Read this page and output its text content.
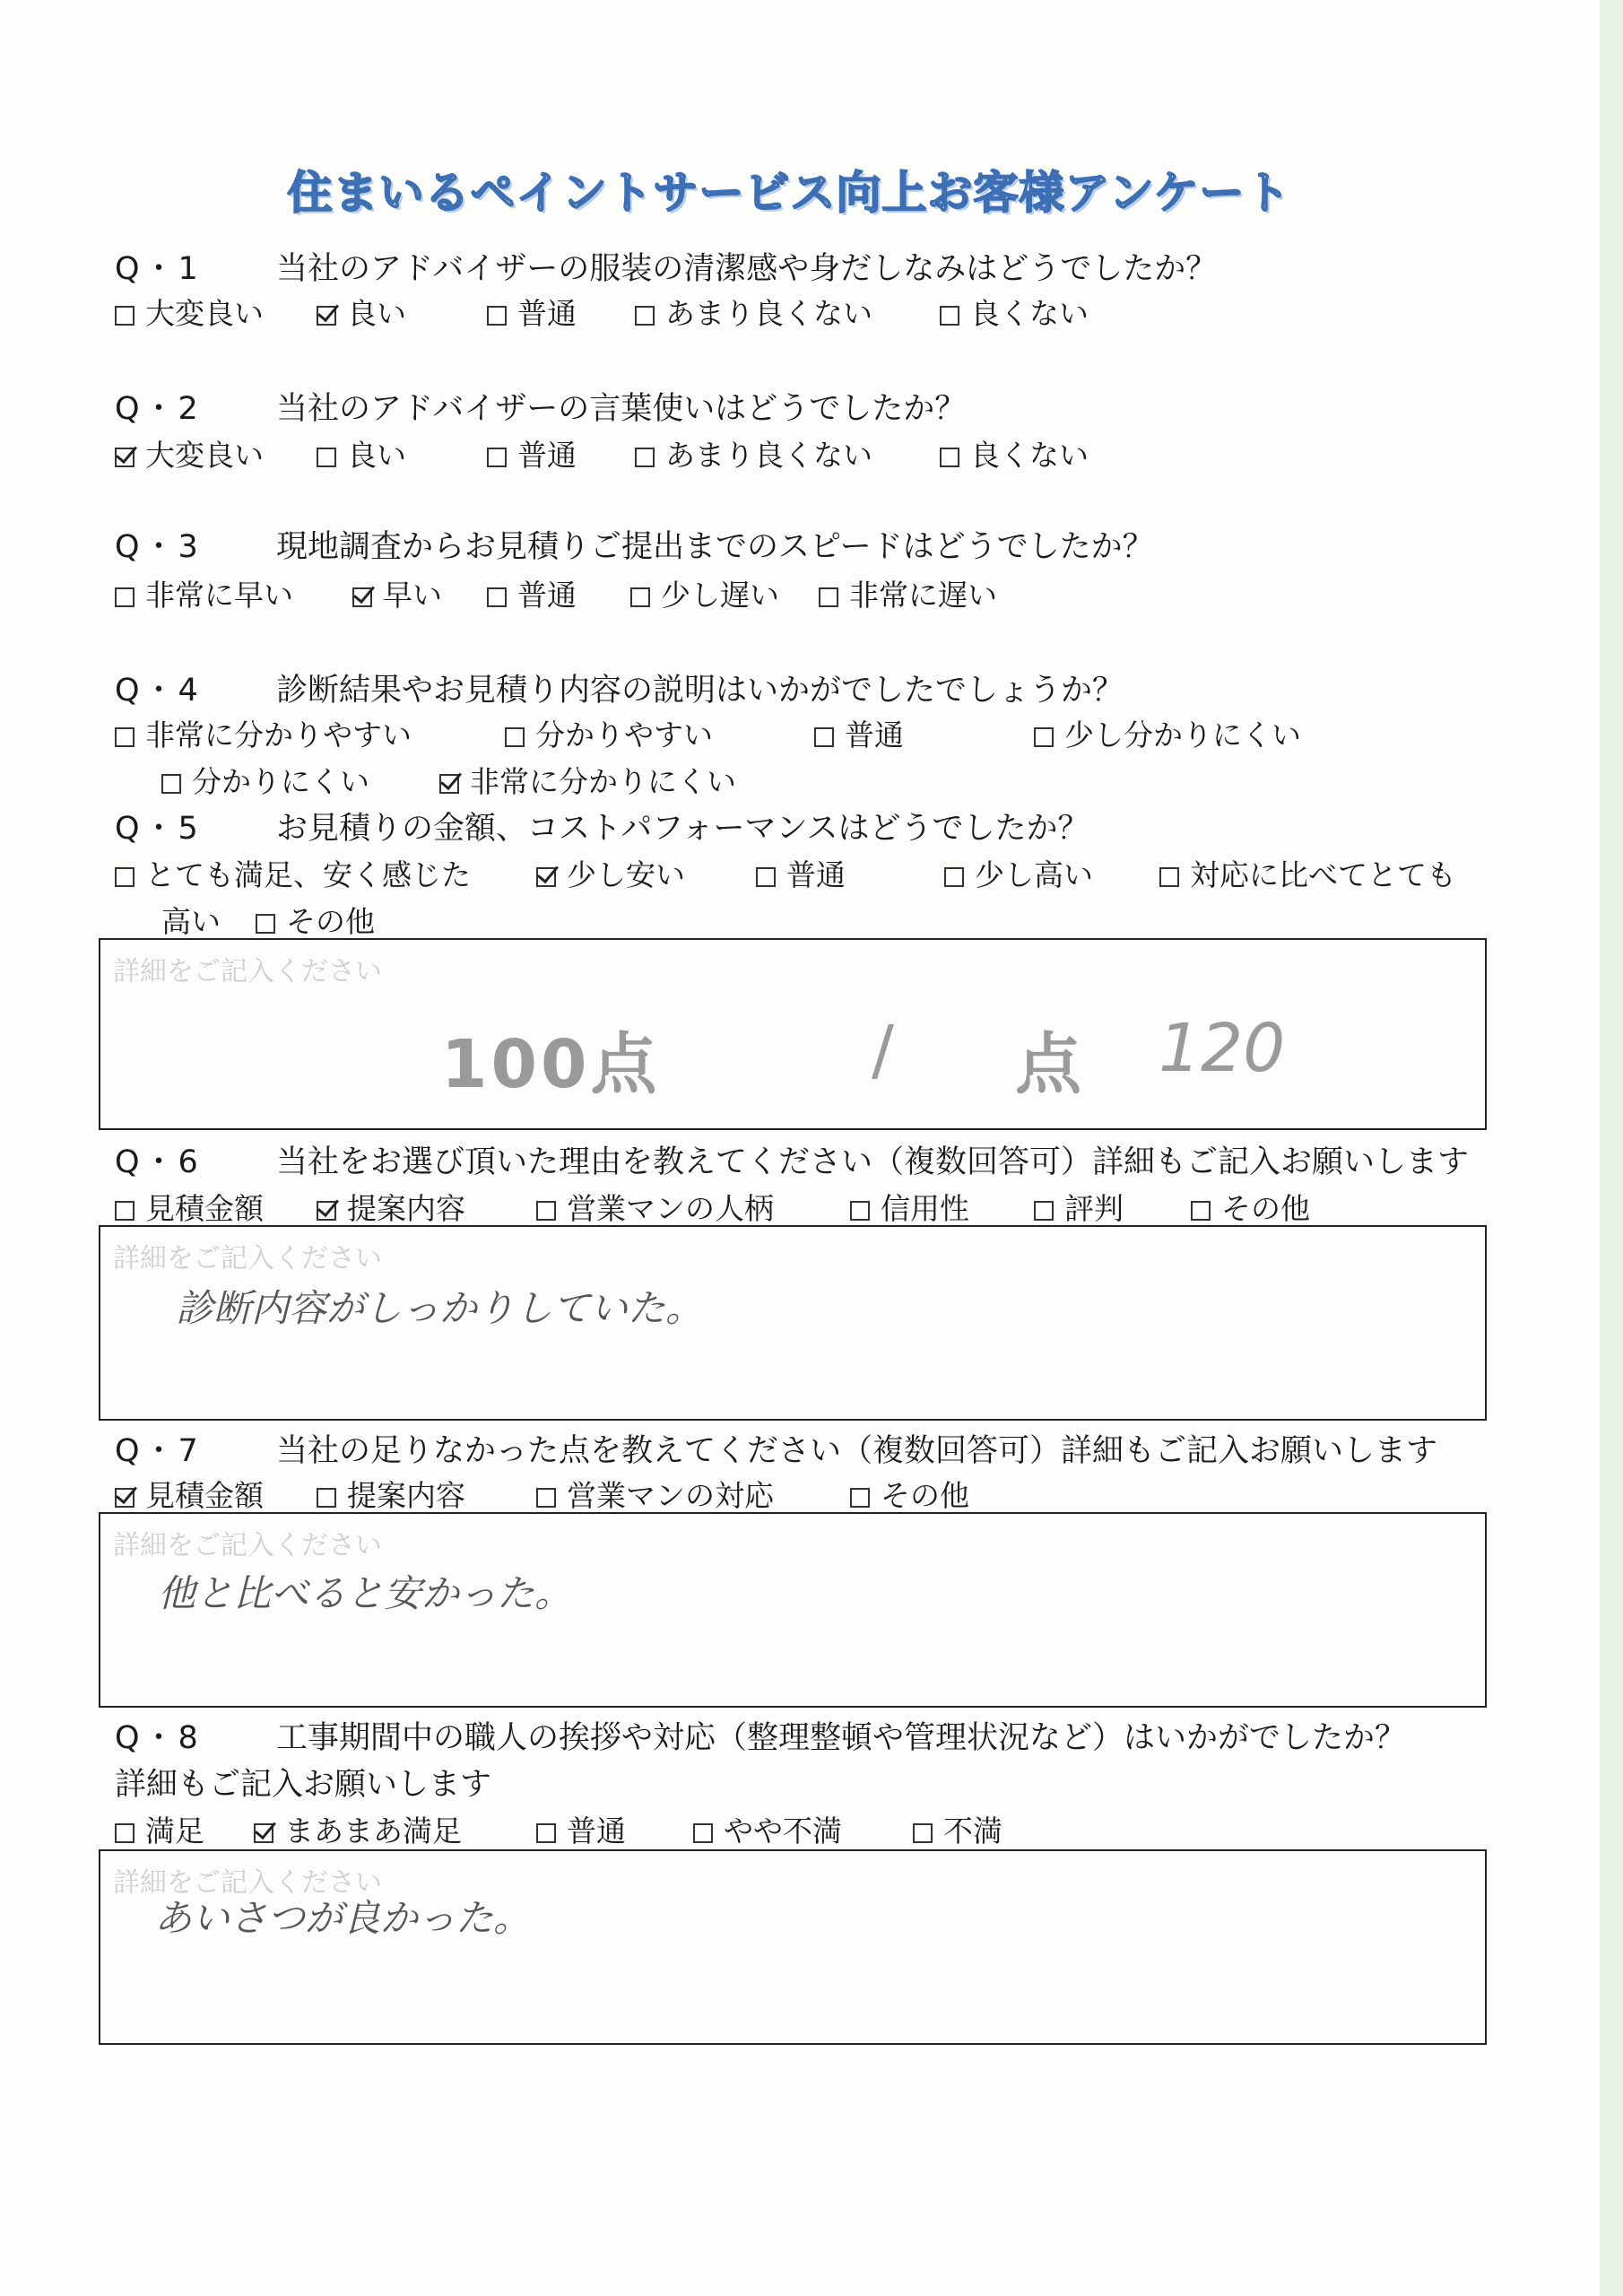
住まいるペイントサービス向上お客様アンケート
Q・1 当社のアドバイザーの服装の清潔感や身だしなみはどうでしたか？
大変良い	良い	普通	あまり良くない	良くない
Q・2 当社のアドバイザーの言葉使いはどうでしたか？
大変良い	良い	普通	あまり良くない	良くない
Q・3 現地調査からお見積りご提出までのスピードはどうでしたか？
非常に早い	早い	普通	少し遅い	非常に遅い
Q・4 診断結果やお見積り内容の説明はいかがでしたでしょうか？
非常に分かりやすい	分かりやすい	普通	少し分かりにくい
分かりにくい	非常に分かりにくい
Q・5 お見積りの金額、コストパフォーマンスはどうでしたか？
とても満足、安く感じた	少し安い	普通	少し高い	対応に比べてとても
高い	その他
詳細をご記入ください
100点	/ 点 120
Q・6 当社をお選び頂いた理由を教えてください（複数回答可）詳細もご記入お願いします
見積金額	提案内容	営業マンの人柄	信用性	評判	その他
詳細をご記入ください
診断内容がしっかりしていた。
Q・7 当社の足りなかった点を教えてください（複数回答可）詳細もご記入お願いします
見積金額	提案内容	営業マンの対応	その他
詳細をご記入ください
他と比べると安かった。
Q・8 工事期間中の職人の挨拶や対応（整理整頓や管理状況など）はいかがでしたか？
詳細もご記入お願いします
満足	まあまあ満足	普通	やや不満	不満
詳細をご記入ください
あいさつが良かった。
